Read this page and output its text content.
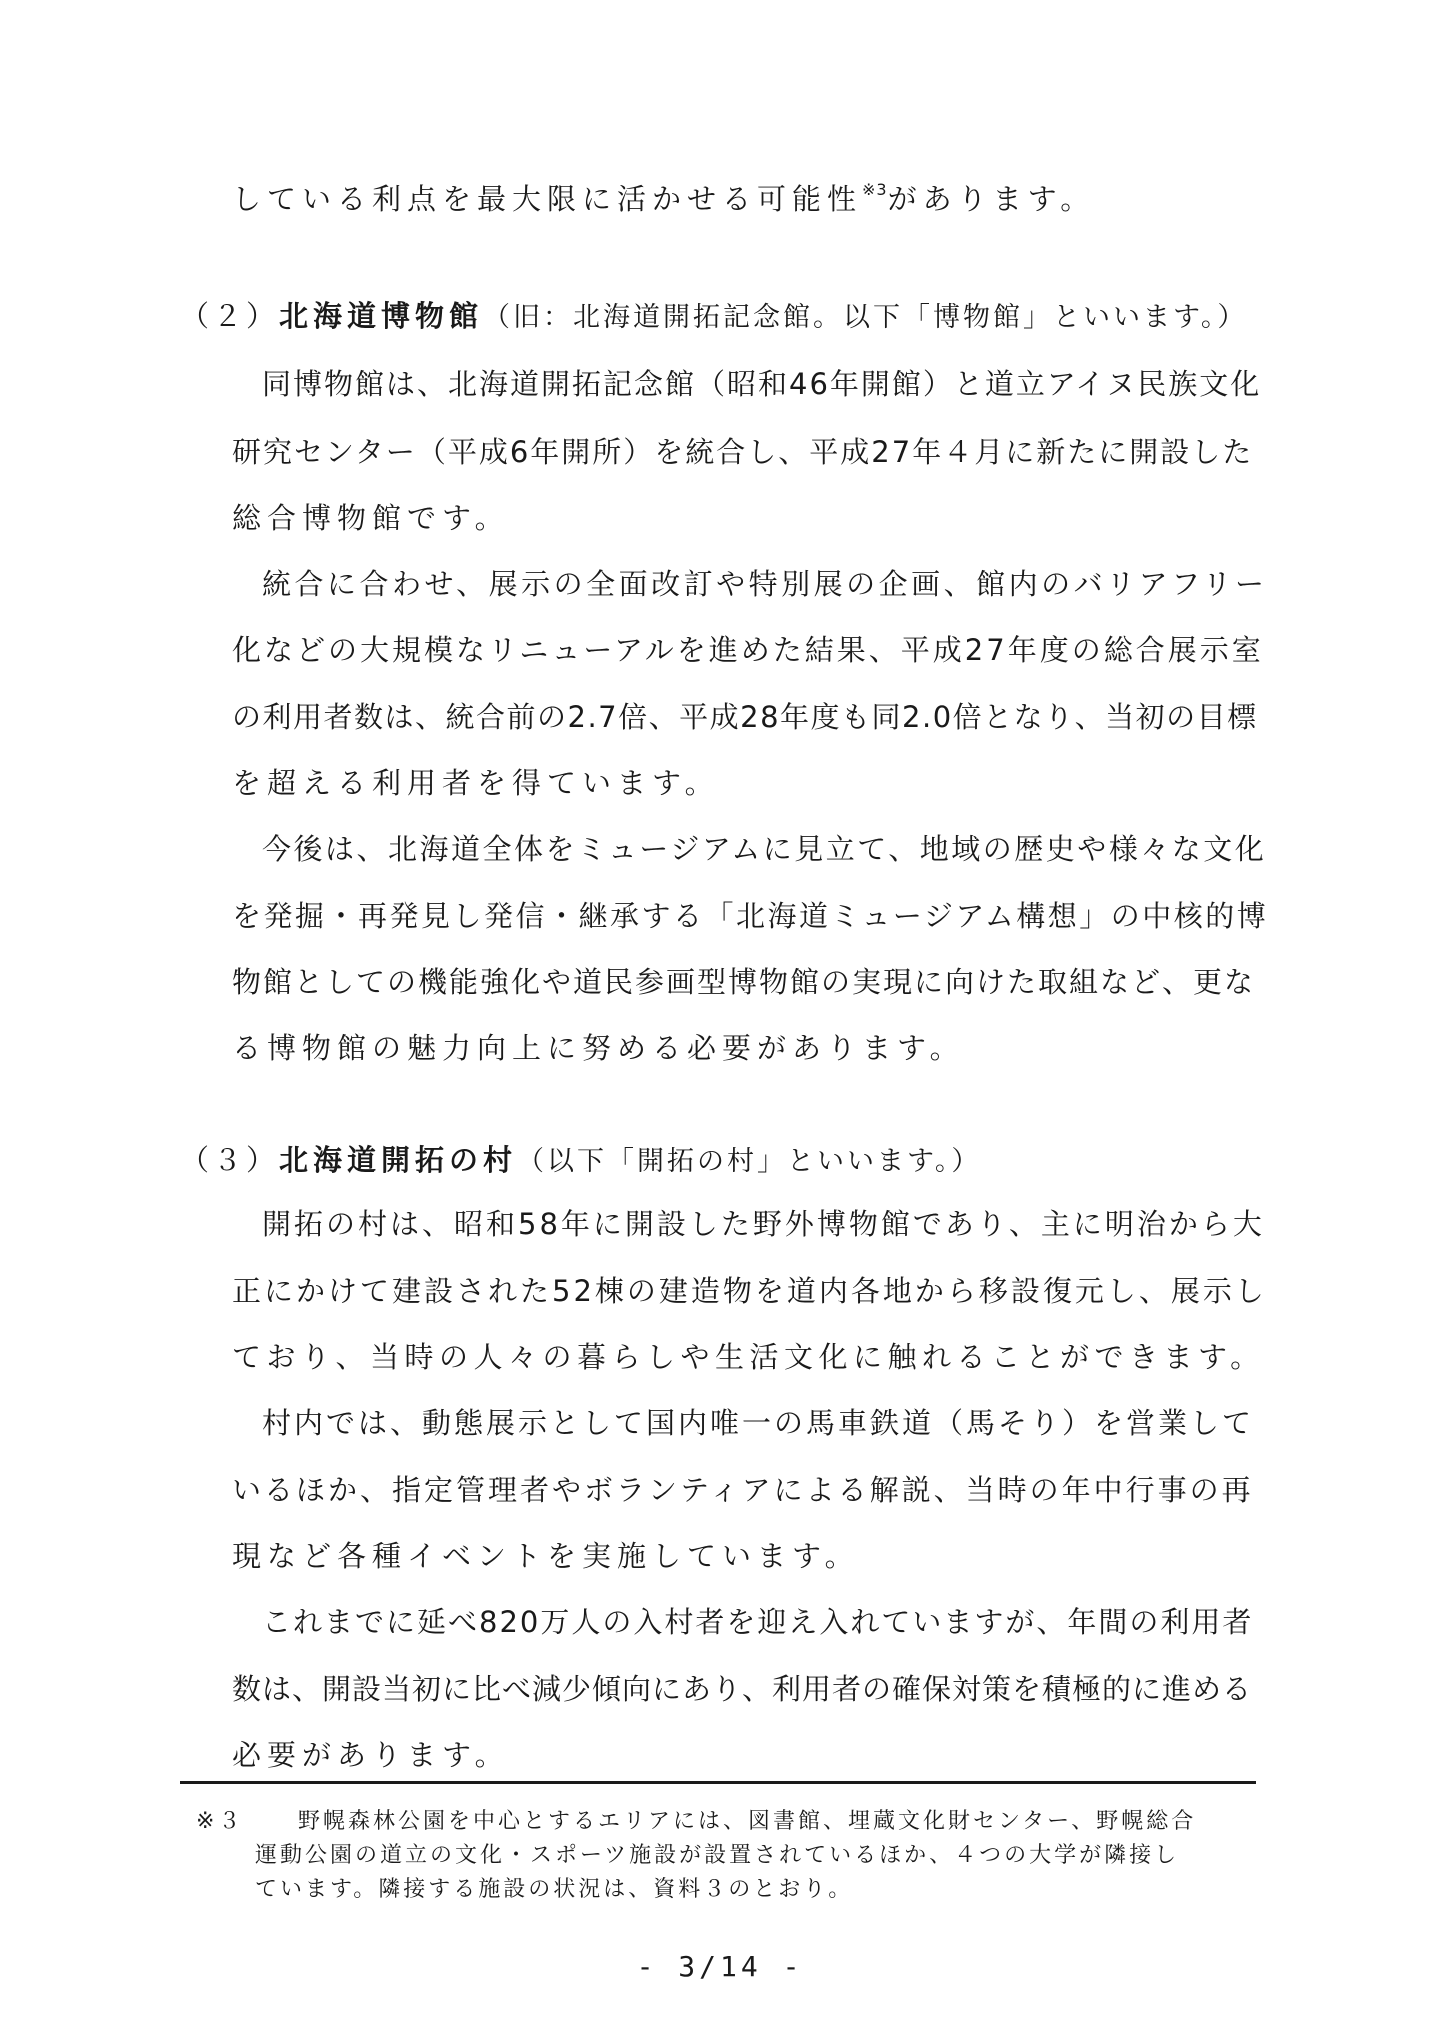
している利点を最大限に活かせる可能性$^{※3}$があります。
（２）北海道博物館（旧：北海道開拓記念館。以下「博物館」といいます。）
同博物館は、北海道開拓記念館（昭和46年開館）と道立アイヌ民族文化
研究センター（平成6年開所）を統合し、平成27年４月に新たに開設した
総合博物館です。
統合に合わせ、展示の全面改訂や特別展の企画、館内のバリアフリー
化などの大規模なリニューアルを進めた結果、平成27年度の総合展示室
の利用者数は、統合前の2.7倍、平成28年度も同2.0倍となり、当初の目標
を超える利用者を得ています。
今後は、北海道全体をミュージアムに見立て、地域の歴史や様々な文化
を発掘・再発見し発信・継承する「北海道ミュージアム構想」の中核的博
物館としての機能強化や道民参画型博物館の実現に向けた取組など、更な
る博物館の魅力向上に努める必要があります。
（３）北海道開拓の村（以下「開拓の村」といいます。）
開拓の村は、昭和58年に開設した野外博物館であり、主に明治から大
正にかけて建設された52棟の建造物を道内各地から移設復元し、展示し
ており、当時の人々の暮らしや生活文化に触れることができます。
村内では、動態展示として国内唯一の馬車鉄道（馬そり）を営業して
いるほか、指定管理者やボランティアによる解説、当時の年中行事の再
現など各種イベントを実施しています。
これまでに延べ820万人の入村者を迎え入れていますが、年間の利用者
数は、開設当初に比べ減少傾向にあり、利用者の確保対策を積極的に進める
必要があります。
※３ 野幌森林公園を中心とするエリアには、図書館、埋蔵文化財センター、野幌総合
運動公園の道立の文化・スポーツ施設が設置されているほか、４つの大学が隣接し
ています。隣接する施設の状況は、資料３のとおり。
- 3/14 -
